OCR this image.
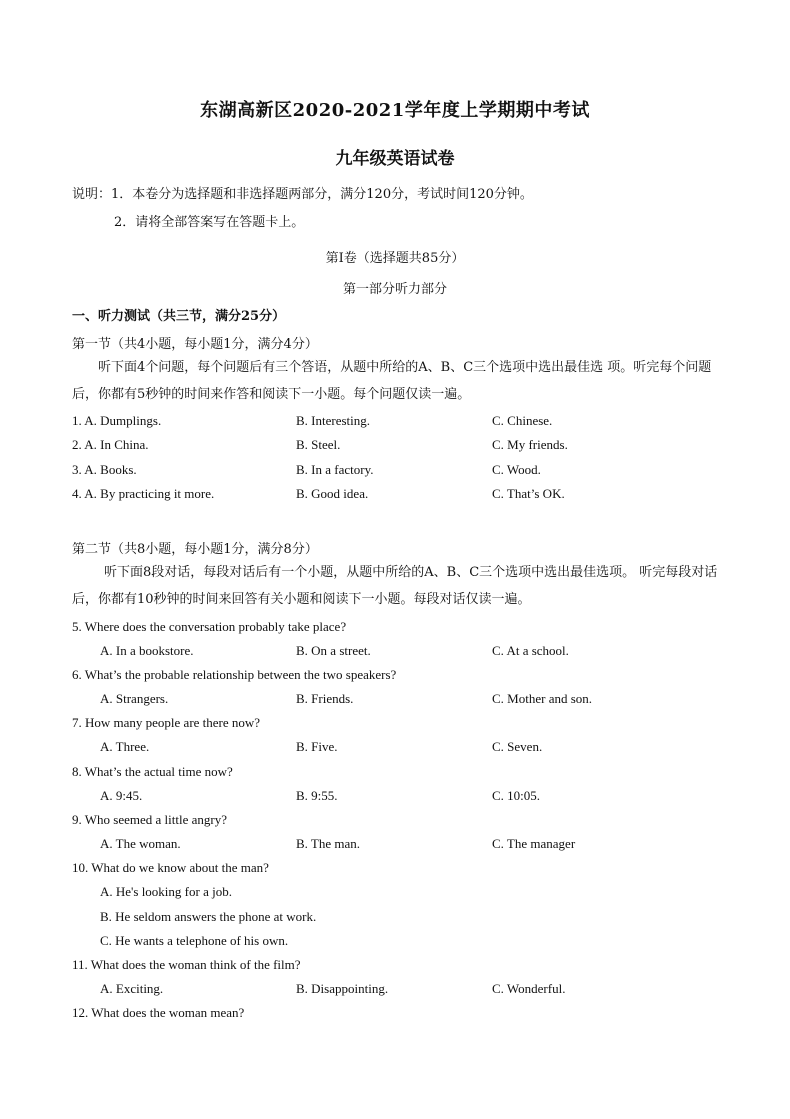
东湖高新区2020-2021学年度上学期期中考试
九年级英语试卷
说明：1．本卷分为选择题和非选择题两部分，满分120分，考试时间120分钟。
2．请将全部答案写在答题卡上。
第Ⅰ卷（选择题共85分）
第一部分听力部分
一、听力测试（共三节，满分25分）
第一节（共4小题，每小题1分，满分4分）
听下面4个问题，每个问题后有三个答语，从题中所给的A、B、C三个选项中选出最佳选 项。听完每个问题后，你都有5秒钟的时间来作答和阅读下一小题。每个问题仅读一遍。
1. A. Dumplings.	B. Interesting.	C. Chinese.
2. A. In China.	B. Steel.	C. My friends.
3. A. Books.	B. In a factory.	C. Wood.
4. A. By practicing it more.	B. Good idea.	C. That’s OK.
第二节（共8小题，每小题1分，满分8分）
听下面8段对话，每段对话后有一个小题，从题中所给的A、B、C三个选项中选出最佳选项。 听完每段对话后，你都有10秒钟的时间来回答有关小题和阅读下一小题。每段对话仅读一遍。
5. Where does the conversation probably take place?
A. In a bookstore.	B. On a street.	C. At a school.
6. What’s the probable relationship between the two speakers?
A. Strangers.	B. Friends.	C. Mother and son.
7. How many people are there now?
A. Three.	B. Five.	C. Seven.
8. What’s the actual time now?
A. 9:45.	B. 9:55.	C. 10:05.
9. Who seemed a little angry?
A. The woman.	B. The man.	C. The manager
10. What do we know about the man?
A. He's looking for a job.
B. He seldom answers the phone at work.
C. He wants a telephone of his own.
11. What does the woman think of the film?
A. Exciting.	B. Disappointing.	C. Wonderful.
12. What does the woman mean?
